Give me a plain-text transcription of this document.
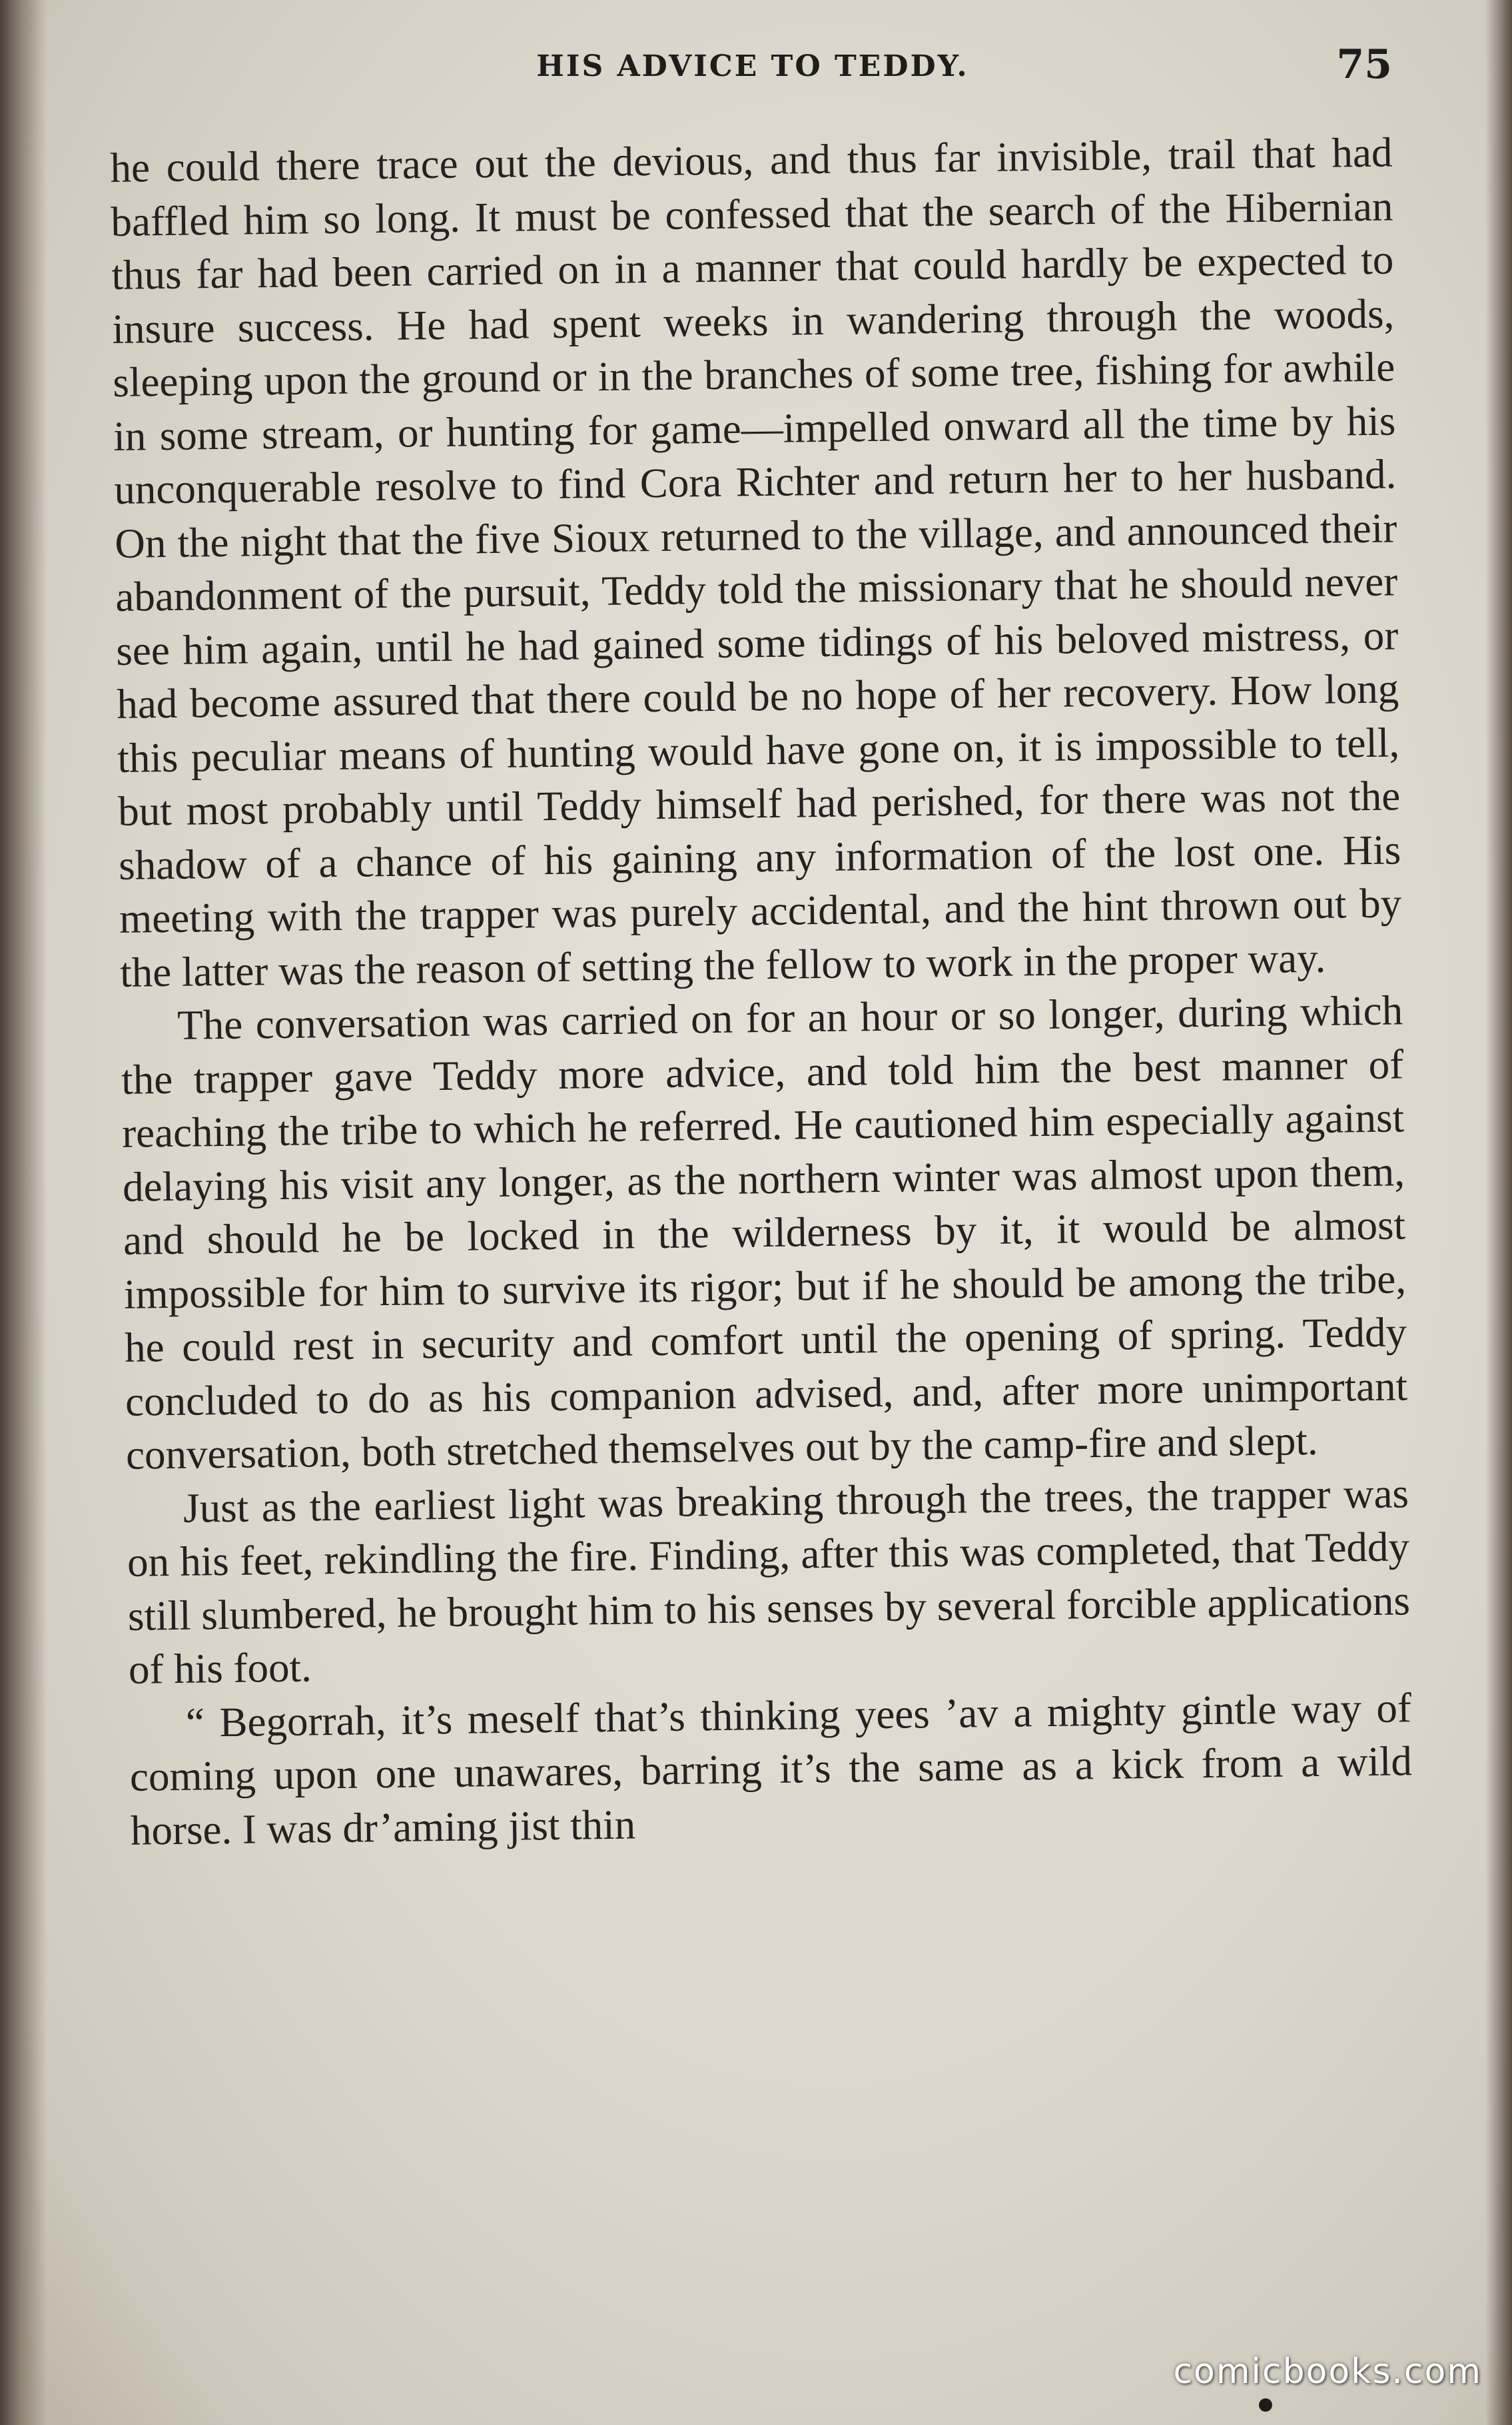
HIS ADVICE TO TEDDY.	75

he could there trace out the devious, and thus far invisible, trail that had baffled him so long. It must be confessed that the search of the Hibernian thus far had been carried on in a manner that could hardly be expected to insure success. He had spent weeks in wandering through the woods, sleeping upon the ground or in the branches of some tree, fishing for awhile in some stream, or hunting for game—impelled onward all the time by his unconquerable resolve to find Cora Richter and return her to her husband. On the night that the five Sioux returned to the village, and announced their abandonment of the pursuit, Teddy told the missionary that he should never see him again, until he had gained some tidings of his beloved mistress, or had become assured that there could be no hope of her recovery. How long this peculiar means of hunting would have gone on, it is impossible to tell, but most probably until Teddy himself had perished, for there was not the shadow of a chance of his gaining any information of the lost one. His meeting with the trapper was purely accidental, and the hint thrown out by the latter was the reason of setting the fellow to work in the proper way.

The conversation was carried on for an hour or so longer, during which the trapper gave Teddy more advice, and told him the best manner of reaching the tribe to which he referred. He cautioned him especially against delaying his visit any longer, as the northern winter was almost upon them, and should he be locked in the wilderness by it, it would be almost impossible for him to survive its rigor; but if he should be among the tribe, he could rest in security and comfort until the opening of spring. Teddy concluded to do as his companion advised, and, after more unimportant conversation, both stretched themselves out by the camp-fire and slept.

Just as the earliest light was breaking through the trees, the trapper was on his feet, rekindling the fire. Finding, after this was completed, that Teddy still slumbered, he brought him to his senses by several forcible applications of his foot.

“ Begorrah, it’s meself that’s thinking yees ’av a mighty gintle way of coming upon one unawares, barring it’s the same as a kick from a wild horse. I was dr’aming jist thin

comicbooks.com
